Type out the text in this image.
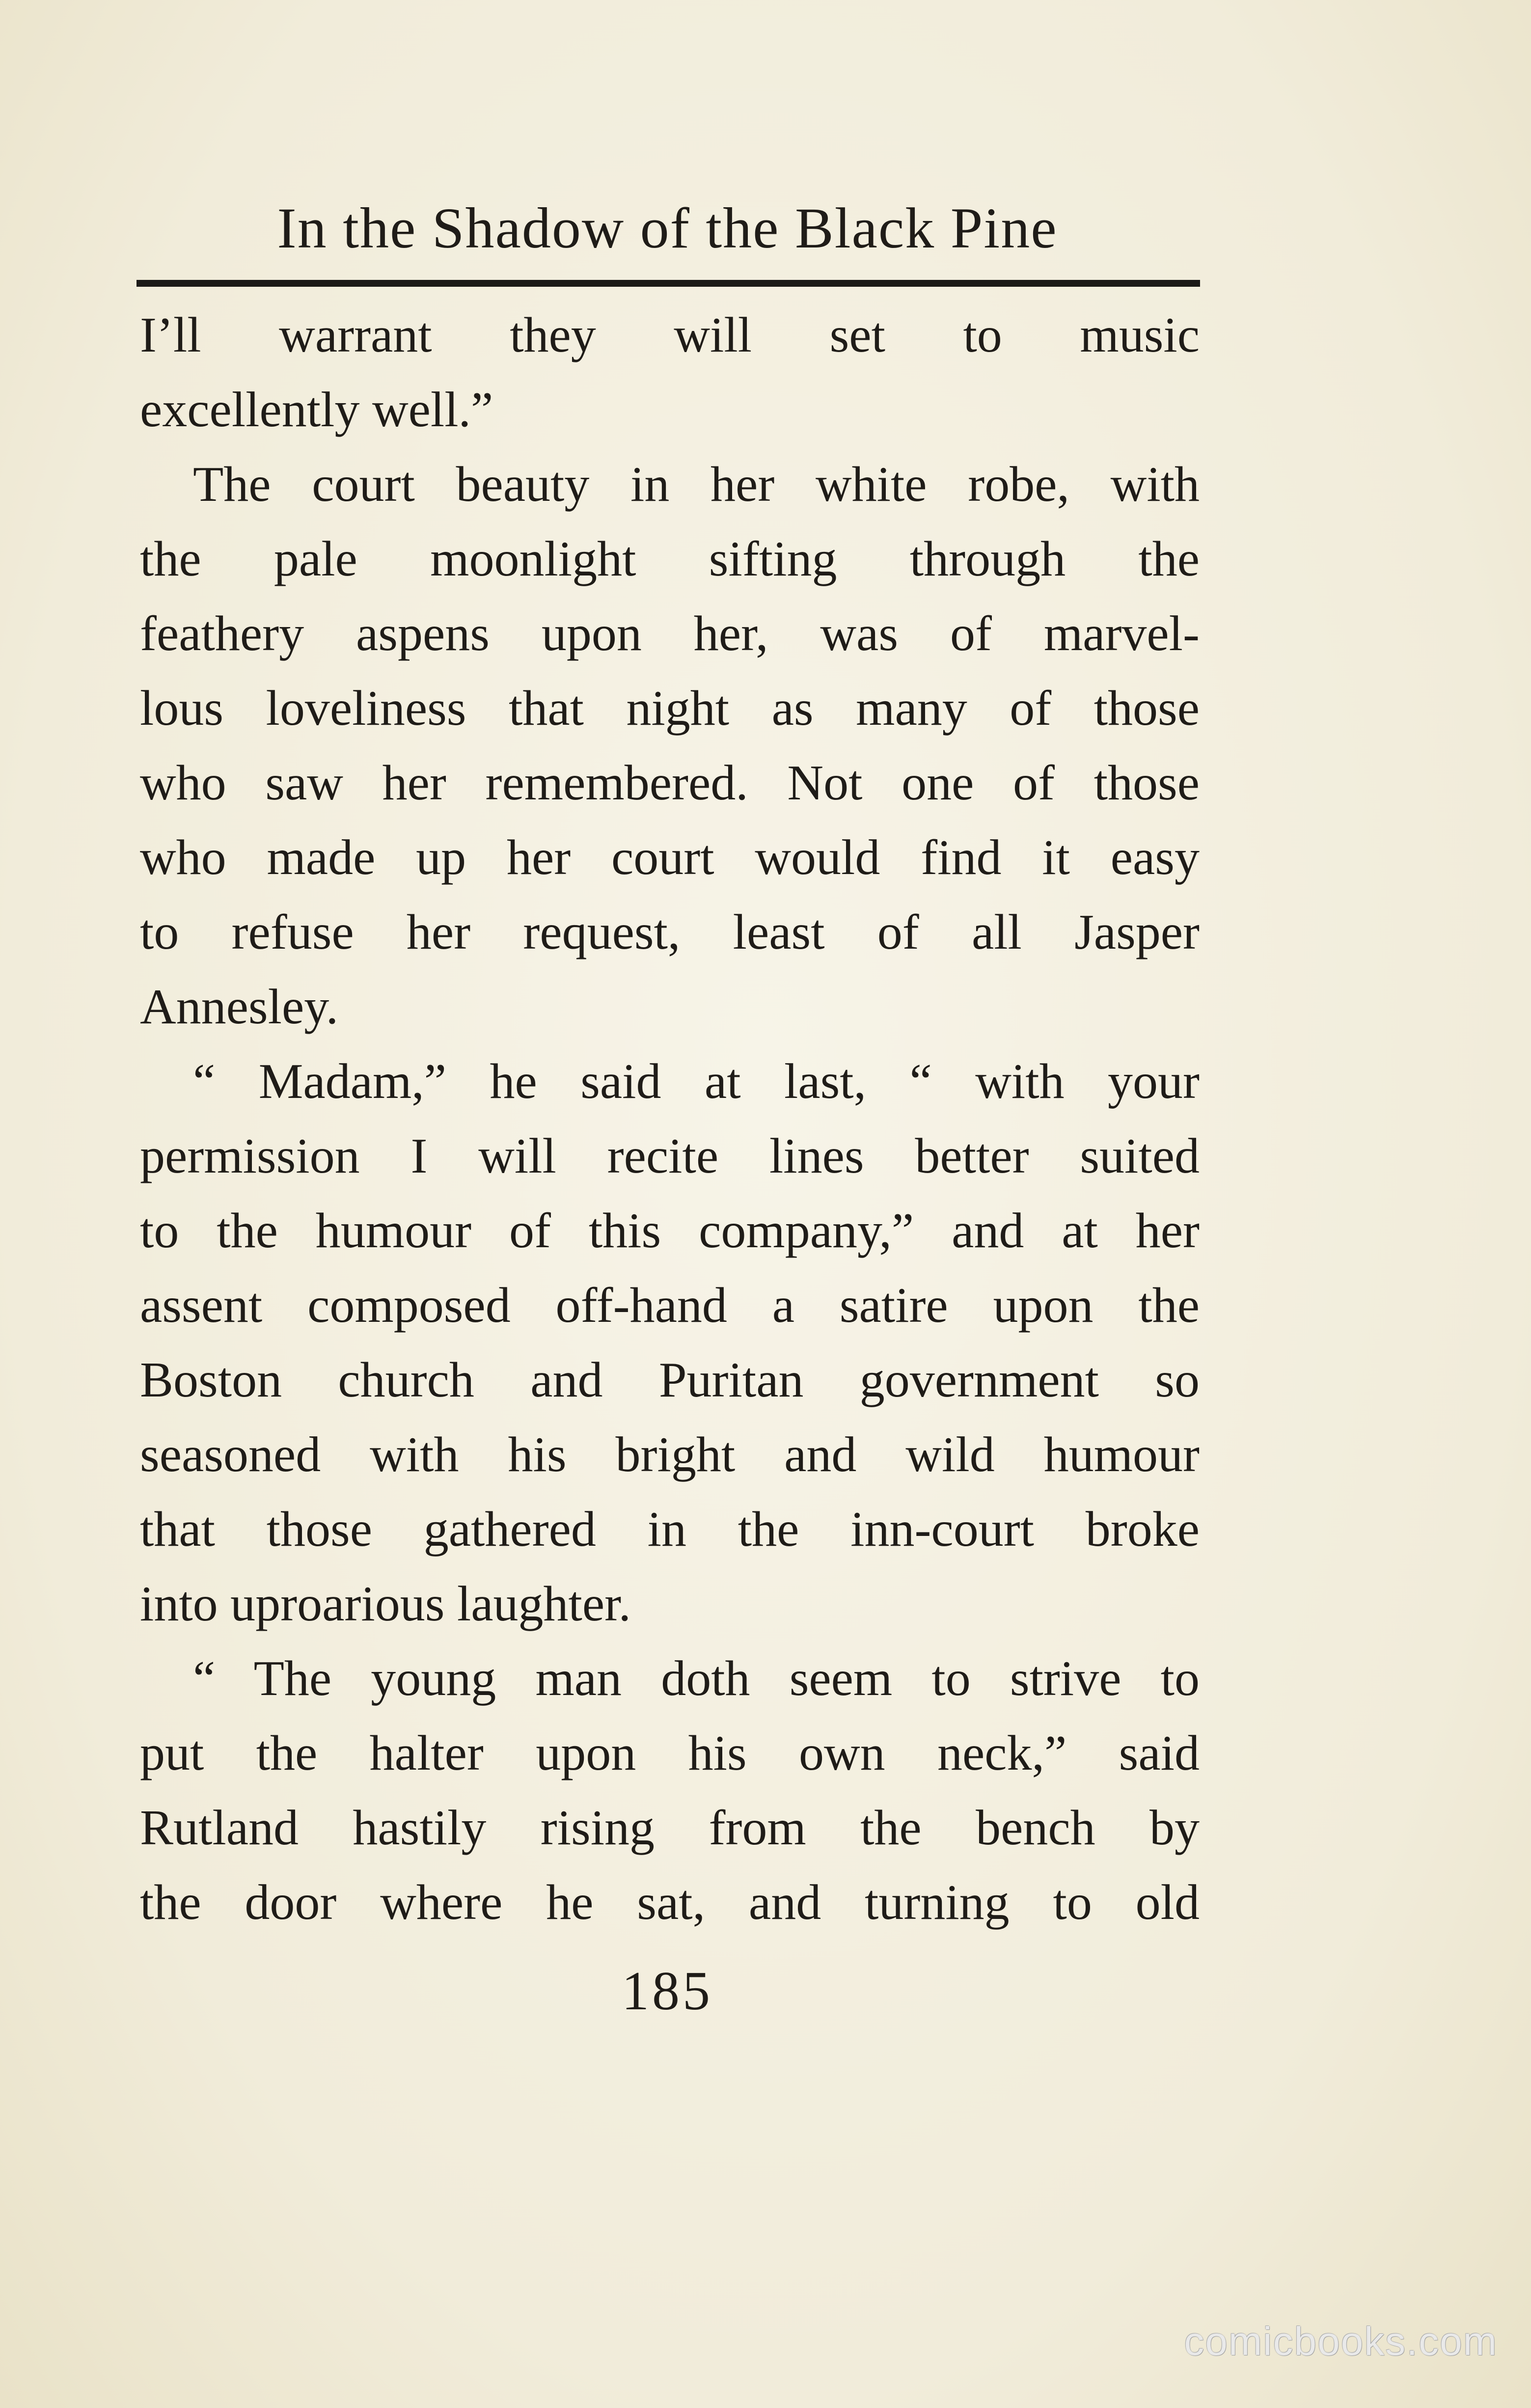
In the Shadow of the Black Pine
I’ll warrant they will set to music
excellently well.”
The court beauty in her white robe, with
the pale moonlight sifting through the
feathery aspens upon her, was of marvel-
lous loveliness that night as many of those
who saw her remembered. Not one of those
who made up her court would find it easy
to refuse her request, least of all Jasper
Annesley.
“ Madam,” he said at last, “ with your
permission I will recite lines better suited
to the humour of this company,” and at her
assent composed off-hand a satire upon the
Boston church and Puritan government so
seasoned with his bright and wild humour
that those gathered in the inn-court broke
into uproarious laughter.
“ The young man doth seem to strive to
put the halter upon his own neck,” said
Rutland hastily rising from the bench by
the door where he sat, and turning to old
185
comicbooks.com
